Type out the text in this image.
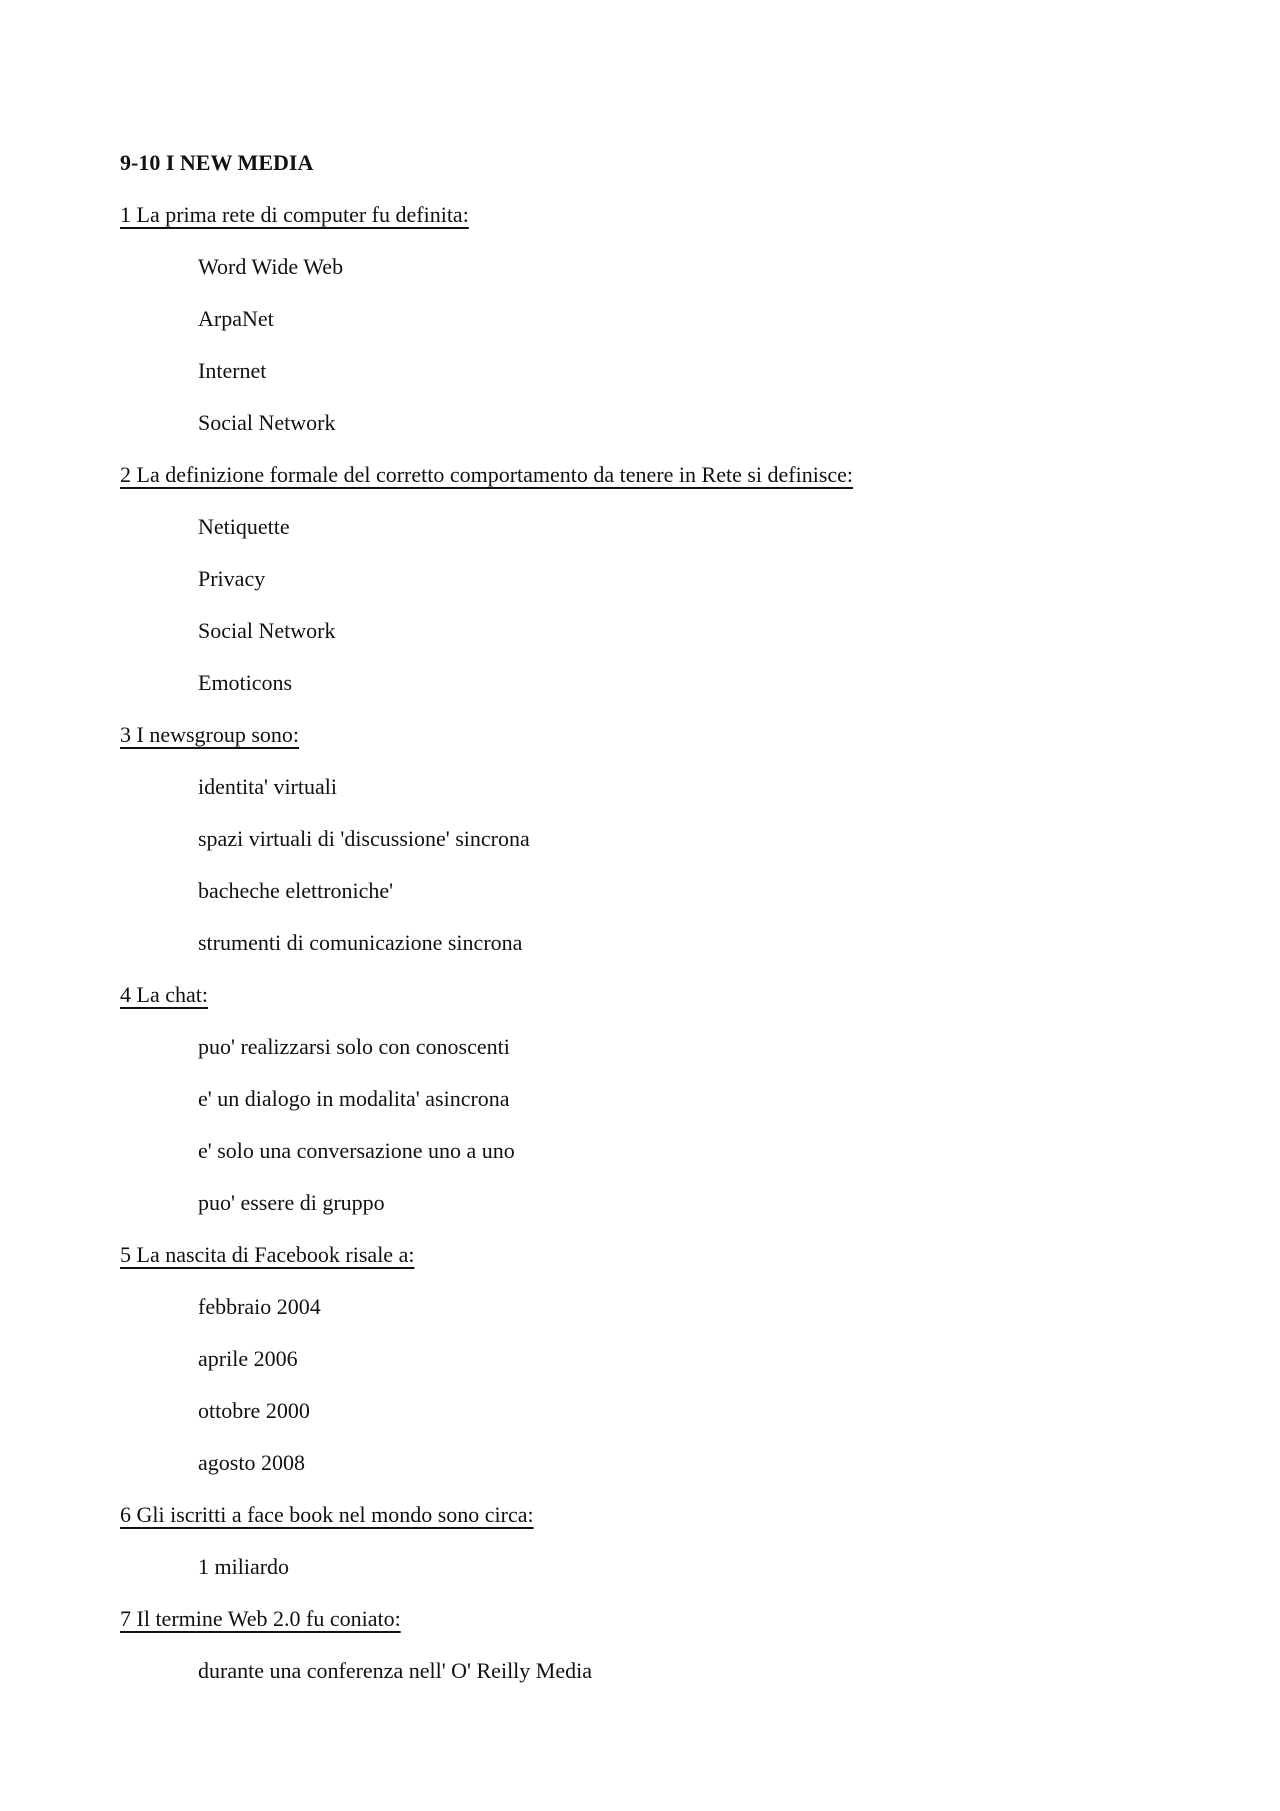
9-10 I NEW MEDIA
1 La prima rete di computer fu definita:
Word Wide Web
ArpaNet
Internet
Social Network
2 La definizione formale del corretto comportamento da tenere in Rete si definisce:
Netiquette
Privacy
Social Network
Emoticons
3 I newsgroup sono:
identita' virtuali
spazi virtuali di 'discussione' sincrona
bacheche elettroniche'
strumenti di comunicazione sincrona
4 La chat:
puo' realizzarsi solo con conoscenti
e' un dialogo in modalita' asincrona
e' solo una conversazione uno a uno
puo' essere di gruppo
5 La nascita di Facebook risale a:
febbraio 2004
aprile 2006
ottobre 2000
agosto 2008
6 Gli iscritti a face book nel mondo sono circa:
1 miliardo
7 Il termine Web 2.0 fu coniato:
durante una conferenza nell' O' Reilly Media
